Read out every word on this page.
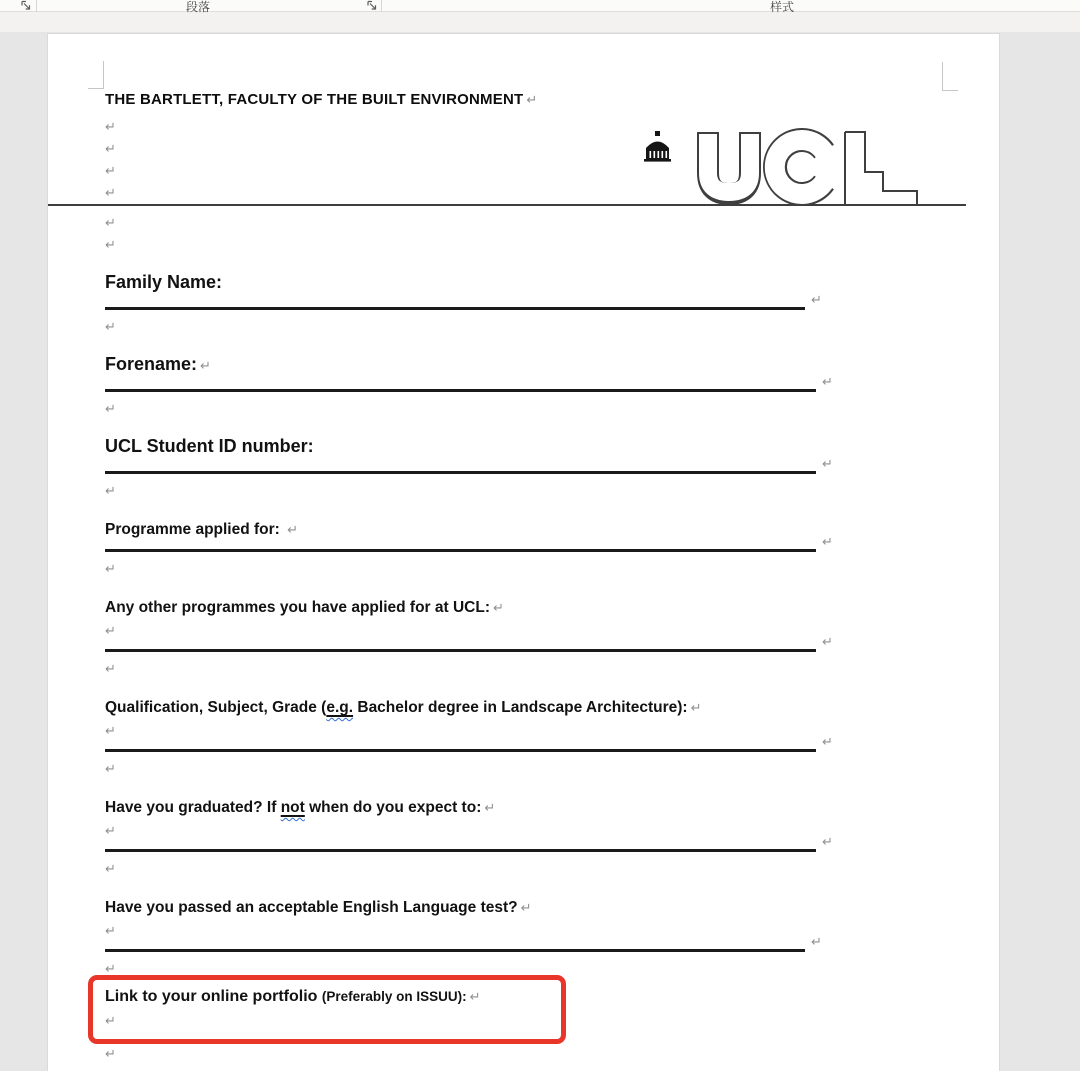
段落	样式
THE BARTLETT, FACULTY OF THE BUILT ENVIRONMENT ↵
↵
↵
↵
↵
↵
↵
Family Name:
↵
↵
Forename: ↵
↵
↵
UCL Student ID number:
↵
↵
Programme applied for: ↵
↵
↵
Any other programmes you have applied for at UCL: ↵
↵
↵
↵
Qualification, Subject, Grade (e.g. Bachelor degree in Landscape Architecture): ↵
↵
↵
↵
Have you graduated? If not when do you expect to: ↵
↵
↵
↵
Have you passed an acceptable English Language test? ↵
↵
↵
↵
Link to your online portfolio (Preferably on ISSUU): ↵
↵
↵
